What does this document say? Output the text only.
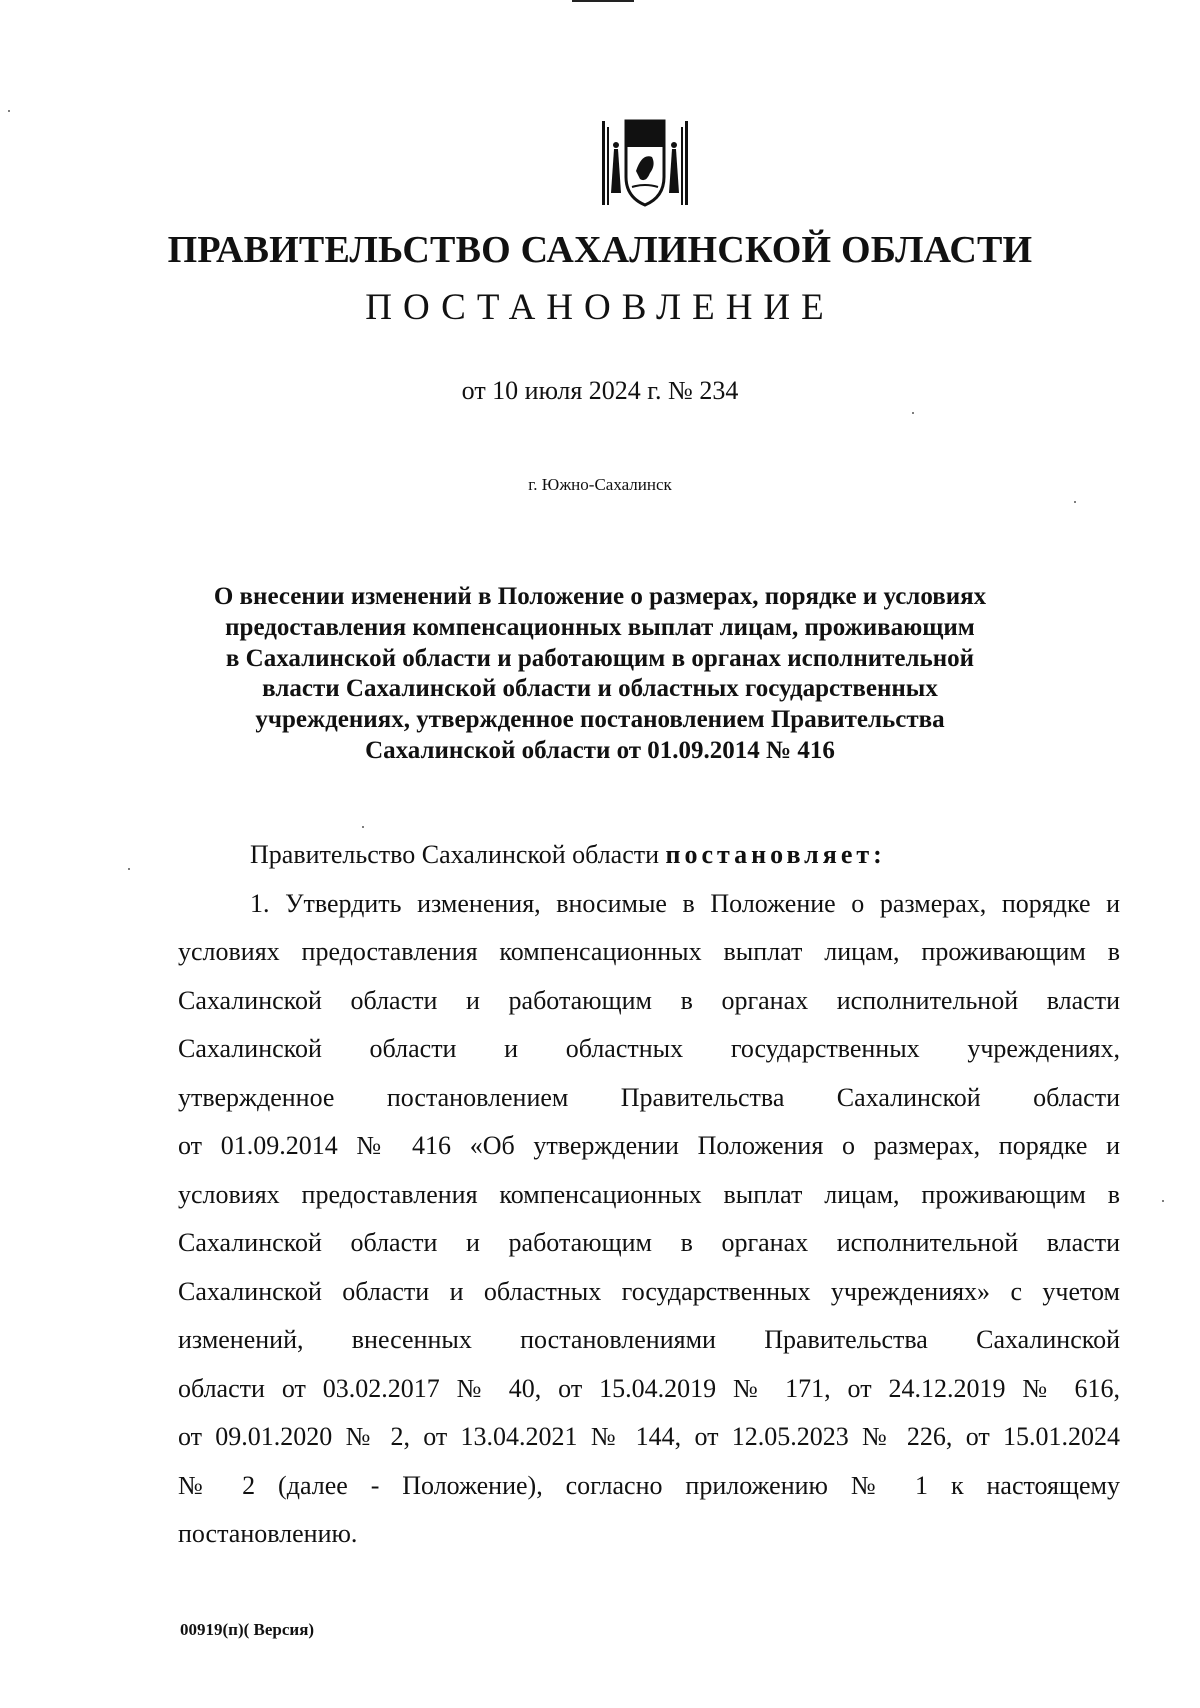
ПРАВИТЕЛЬСТВО САХАЛИНСКОЙ ОБЛАСТИ
ПОСТАНОВЛЕНИЕ
от 10 июля 2024 г. № 234
г. Южно-Сахалинск
О внесении изменений в Положение о размерах, порядке и условиях
предоставления компенсационных выплат лицам, проживающим
в Сахалинской области и работающим в органах исполнительной
власти Сахалинской области и областных государственных
учреждениях, утвержденное постановлением Правительства
Сахалинской области от 01.09.2014 № 416
Правительство Сахалинской области постановляет:
1. Утвердить изменения, вносимые в Положение о размерах, порядке и
условиях предоставления компенсационных выплат лицам, проживающим в
Сахалинской области и работающим в органах исполнительной власти
Сахалинской области и областных государственных учреждениях,
утвержденное постановлением Правительства Сахалинской области
от 01.09.2014 № 416 «Об утверждении Положения о размерах, порядке и
условиях предоставления компенсационных выплат лицам, проживающим в
Сахалинской области и работающим в органах исполнительной власти
Сахалинской области и областных государственных учреждениях» с учетом
изменений, внесенных постановлениями Правительства Сахалинской
области от 03.02.2017 № 40, от 15.04.2019 № 171, от 24.12.2019 № 616,
от 09.01.2020 № 2, от 13.04.2021 № 144, от 12.05.2023 № 226, от 15.01.2024
№ 2 (далее - Положение), согласно приложению № 1 к настоящему
постановлению.
00919(п)( Версия)
